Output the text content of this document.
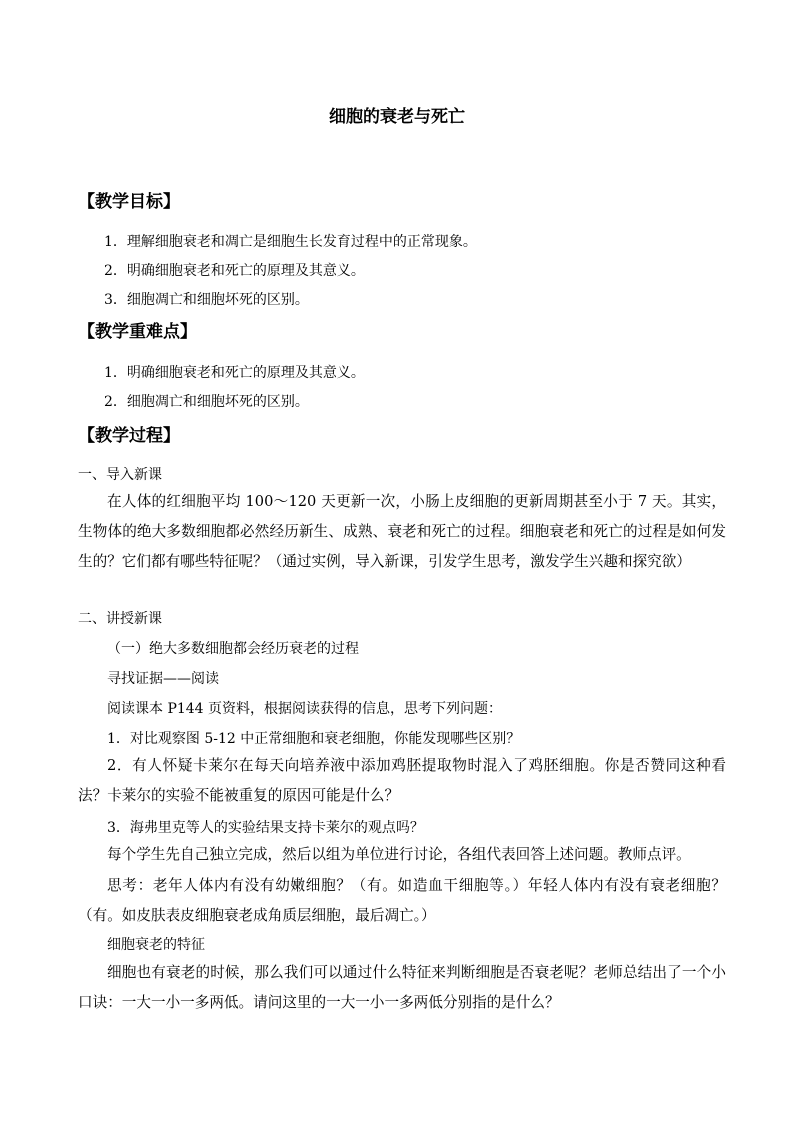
细胞的衰老与死亡
【教学目标】
1．理解细胞衰老和凋亡是细胞生长发育过程中的正常现象。
2．明确细胞衰老和死亡的原理及其意义。
3．细胞凋亡和细胞坏死的区别。
【教学重难点】
1．明确细胞衰老和死亡的原理及其意义。
2．细胞凋亡和细胞坏死的区别。
【教学过程】
一、导入新课

在人体的红细胞平均 100～120 天更新一次，小肠上皮细胞的更新周期甚至小于 7 天。其实，生物体的绝大多数细胞都必然经历新生、成熟、衰老和死亡的过程。细胞衰老和死亡的过程是如何发生的？它们都有哪些特征呢？（通过实例，导入新课，引发学生思考，激发学生兴趣和探究欲）

二、讲授新课
（一）绝大多数细胞都会经历衰老的过程
寻找证据——阅读
阅读课本 P144 页资料，根据阅读获得的信息，思考下列问题：
1．对比观察图 5-12 中正常细胞和衰老细胞，你能发现哪些区别？

2．有人怀疑卡莱尔在每天向培养液中添加鸡胚提取物时混入了鸡胚细胞。你是否赞同这种看法？卡莱尔的实验不能被重复的原因可能是什么？

3．海弗里克等人的实验结果支持卡莱尔的观点吗？

每个学生先自己独立完成，然后以组为单位进行讨论，各组代表回答上述问题。教师点评。

思考：老年人体内有没有幼嫩细胞？（有。如造血干细胞等。）年轻人体内有没有衰老细胞？（有。如皮肤表皮细胞衰老成角质层细胞，最后凋亡。）

细胞衰老的特征

细胞也有衰老的时候，那么我们可以通过什么特征来判断细胞是否衰老呢？老师总结出了一个小口诀：一大一小一多两低。请问这里的一大一小一多两低分别指的是什么？
